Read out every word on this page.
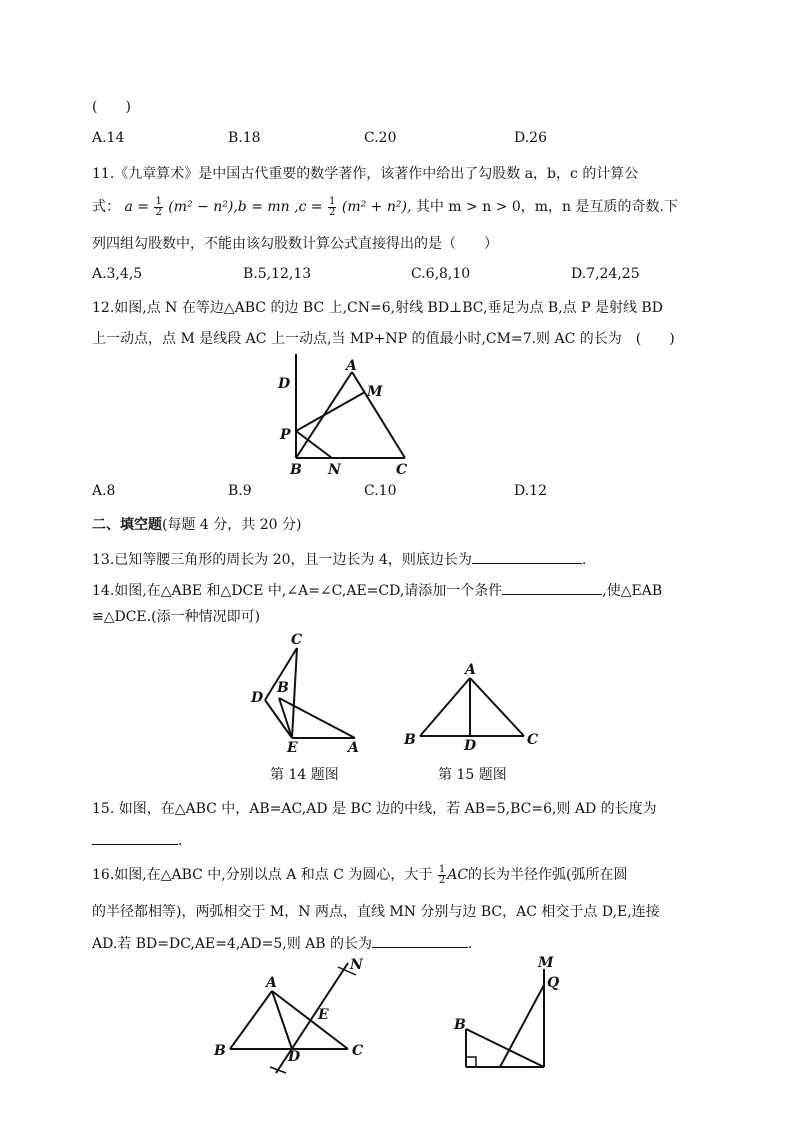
(　　)
A.14	B.18	C.20	D.26
11.《九章算术》是中国古代重要的数学著作，该著作中给出了勾股数 a，b，c 的计算公
式： $a = \frac{1}{2} (m^2 - n^2),b$ = mn $,c = \frac{1}{2} (m^2 + n^2)$, 其中 m > n > 0，m，n 是互质的奇数.下
列四组勾股数中，不能由该勾股数计算公式直接得出的是（　　）
A.3,4,5	B.5,12,13	C.6,8,10	D.7,24,25
12.如图,点 N 在等边△ABC 的边 BC 上,CN=6,射线 BD⊥BC,垂足为点 B,点 P 是射线 BD
上一动点，点 M 是线段 AC 上一动点,当 MP+NP 的值最小时,CM=7.则 AC 的长为　(　　)
D
A
M
P
B N	C
A.8	B.9	C.10	D.12
二、填空题(每题 4 分，共 20 分)
13.已知等腰三角形的周长为 20，且一边长为 4，则底边长为	.
14.如图,在△ABE 和△DCE 中,∠A=∠C,AE=CD,请添加一个条件	,使△EAB
≌△DCE.(添一种情况即可)
C
D
B
E	A
第 14 题图
A
B	D	C
第 15 题图
15. 如图，在△ABC 中，AB=AC,AD 是 BC 边的中线，若 AB=5,BC=6,则 AD 的长度为
.
16.如图,在△ABC 中,分别以点 A 和点 C 为圆心，大于 $\frac{1}{2}$ AC的长为半径作弧(弧所在圆
的半径都相等)，两弧相交于 M，N 两点，直线 MN 分别与边 BC，AC 相交于点 D,E,连接
AD.若 BD=DC,AE=4,AD=5,则 AB 的长为	.
A
N
E
B	D	C
M
Q
B
